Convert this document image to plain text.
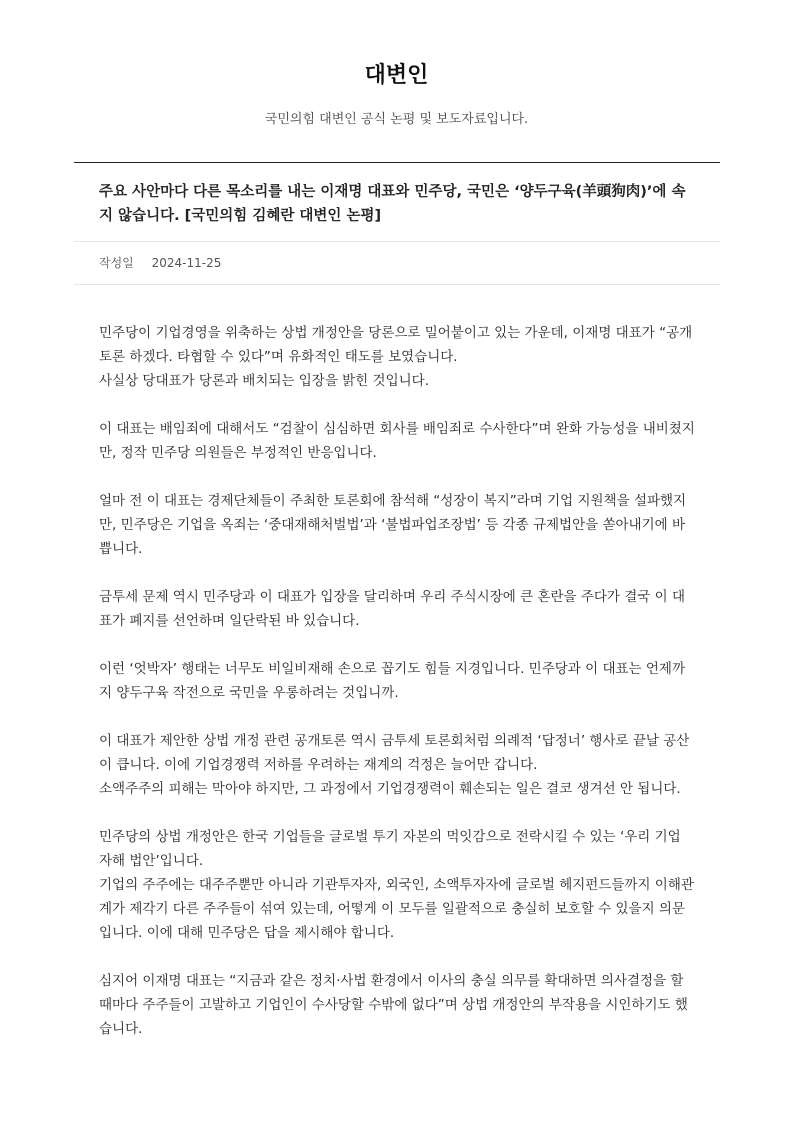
대변인
국민의힘 대변인 공식 논평 및 보도자료입니다.
주요 사안마다 다른 목소리를 내는 이재명 대표와 민주당, 국민은 ‘양두구육(羊頭狗肉)’에 속지 않습니다. [국민의힘 김혜란 대변인 논평]
작성일 2024-11-25

민주당이 기업경영을 위축하는 상법 개정안을 당론으로 밀어붙이고 있는 가운데, 이재명 대표가 “공개토론 하겠다. 타협할 수 있다”며 유화적인 태도를 보였습니다.
사실상 당대표가 당론과 배치되는 입장을 밝힌 것입니다.

이 대표는 배임죄에 대해서도 “검찰이 심심하면 회사를 배임죄로 수사한다”며 완화 가능성을 내비쳤지만, 정작 민주당 의원들은 부정적인 반응입니다.

얼마 전 이 대표는 경제단체들이 주최한 토론회에 참석해 “성장이 복지”라며 기업 지원책을 설파했지만, 민주당은 기업을 옥죄는 ‘중대재해처벌법’과 ‘불법파업조장법’ 등 각종 규제법안을 쏟아내기에 바쁩니다.

금투세 문제 역시 민주당과 이 대표가 입장을 달리하며 우리 주식시장에 큰 혼란을 주다가 결국 이 대표가 폐지를 선언하며 일단락된 바 있습니다.

이런 ‘엇박자’ 행태는 너무도 비일비재해 손으로 꼽기도 힘들 지경입니다. 민주당과 이 대표는 언제까지 양두구육 작전으로 국민을 우롱하려는 것입니까.

이 대표가 제안한 상법 개정 관련 공개토론 역시 금투세 토론회처럼 의례적 ‘답정너’ 행사로 끝날 공산이 큽니다. 이에 기업경쟁력 저하를 우려하는 재계의 걱정은 늘어만 갑니다.
소액주주의 피해는 막아야 하지만, 그 과정에서 기업경쟁력이 훼손되는 일은 결코 생겨선 안 됩니다.

민주당의 상법 개정안은 한국 기업들을 글로벌 투기 자본의 먹잇감으로 전락시킬 수 있는 ‘우리 기업 자해 법안’입니다.
기업의 주주에는 대주주뿐만 아니라 기관투자자, 외국인, 소액투자자에 글로벌 헤지펀드들까지 이해관계가 제각기 다른 주주들이 섞여 있는데, 어떻게 이 모두를 일괄적으로 충실히 보호할 수 있을지 의문입니다. 이에 대해 민주당은 답을 제시해야 합니다.

심지어 이재명 대표는 “지금과 같은 정치·사법 환경에서 이사의 충실 의무를 확대하면 의사결정을 할 때마다 주주들이 고발하고 기업인이 수사당할 수밖에 없다”며 상법 개정안의 부작용을 시인하기도 했습니다.
